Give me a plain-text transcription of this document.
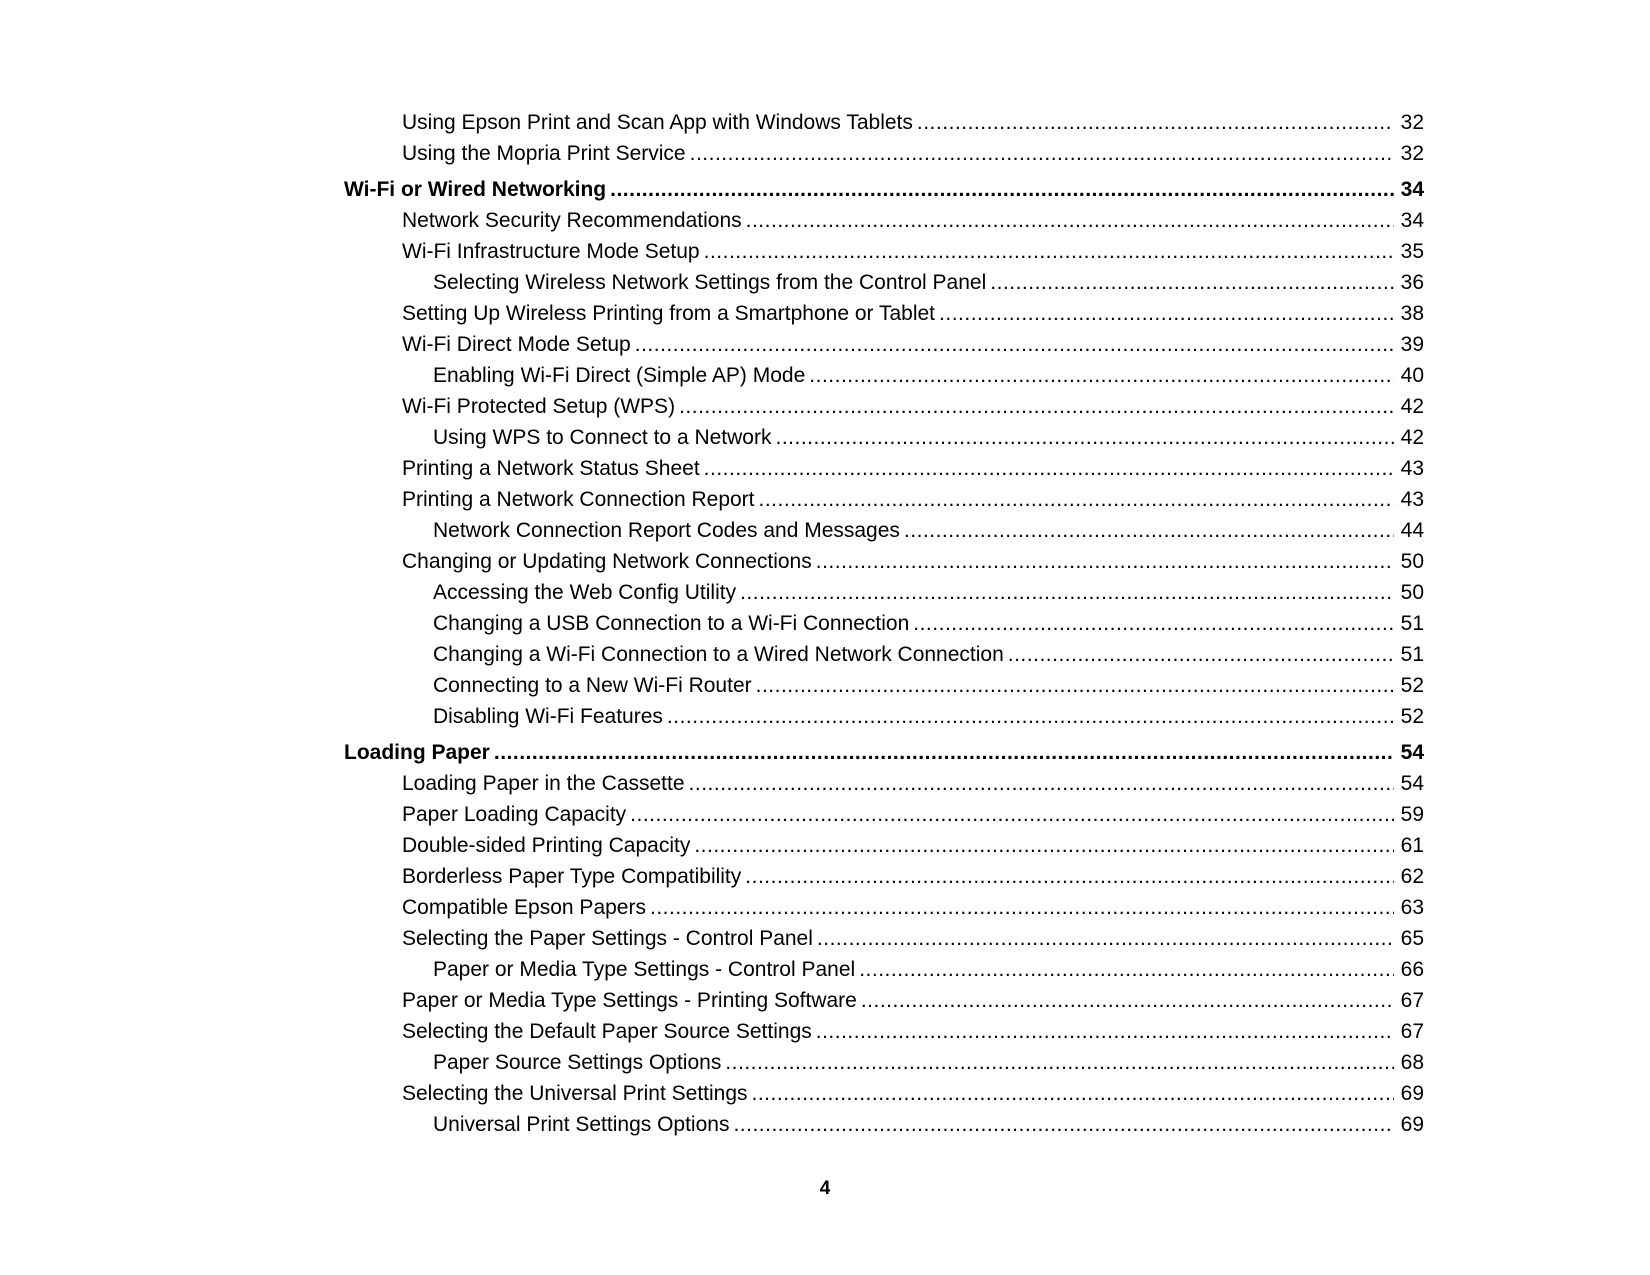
Using Epson Print and Scan App with Windows Tablets .....	32
Using the Mopria Print Service .....	32
Wi-Fi or Wired Networking .....	34
Network Security Recommendations .....	34
Wi-Fi Infrastructure Mode Setup .....	35
Selecting Wireless Network Settings from the Control Panel .....	36
Setting Up Wireless Printing from a Smartphone or Tablet .....	38
Wi-Fi Direct Mode Setup .....	39
Enabling Wi-Fi Direct (Simple AP) Mode .....	40
Wi-Fi Protected Setup (WPS) .....	42
Using WPS to Connect to a Network .....	42
Printing a Network Status Sheet .....	43
Printing a Network Connection Report .....	43
Network Connection Report Codes and Messages .....	44
Changing or Updating Network Connections .....	50
Accessing the Web Config Utility .....	50
Changing a USB Connection to a Wi-Fi Connection .....	51
Changing a Wi-Fi Connection to a Wired Network Connection .....	51
Connecting to a New Wi-Fi Router .....	52
Disabling Wi-Fi Features .....	52
Loading Paper .....	54
Loading Paper in the Cassette .....	54
Paper Loading Capacity .....	59
Double-sided Printing Capacity .....	61
Borderless Paper Type Compatibility .....	62
Compatible Epson Papers .....	63
Selecting the Paper Settings - Control Panel .....	65
Paper or Media Type Settings - Control Panel .....	66
Paper or Media Type Settings - Printing Software .....	67
Selecting the Default Paper Source Settings .....	67
Paper Source Settings Options .....	68
Selecting the Universal Print Settings .....	69
Universal Print Settings Options .....	69
4
